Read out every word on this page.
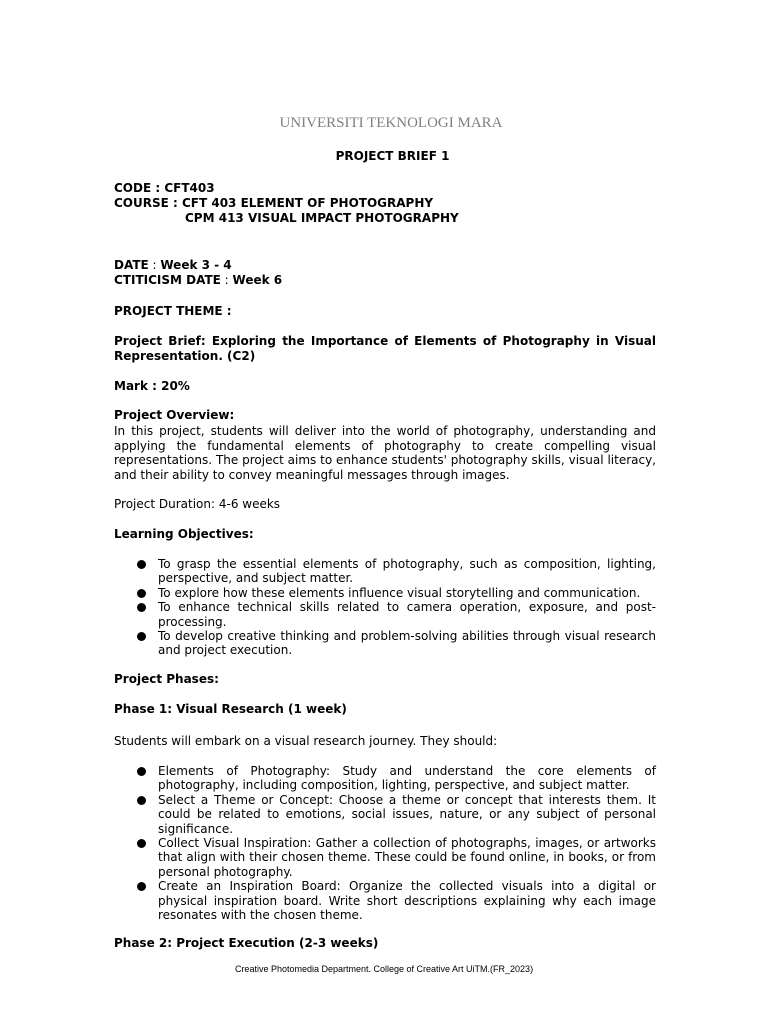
UNIVERSITI TEKNOLOGI MARA
PROJECT BRIEF 1
CODE : CFT403
COURSE : CFT 403 ELEMENT OF PHOTOGRAPHY
CPM 413 VISUAL IMPACT PHOTOGRAPHY
DATE : Week 3 - 4
CTITICISM DATE : Week 6
PROJECT THEME :
Project Brief: Exploring the Importance of Elements of Photography in Visual Representation. (C2)
Mark : 20%
Project Overview:
In this project, students will deliver into the world of photography, understanding and applying the fundamental elements of photography to create compelling visual representations. The project aims to enhance students' photography skills, visual literacy, and their ability to convey meaningful messages through images.
Project Duration: 4-6 weeks
Learning Objectives:
To grasp the essential elements of photography, such as composition, lighting, perspective, and subject matter.
To explore how these elements influence visual storytelling and communication.
To enhance technical skills related to camera operation, exposure, and post-processing.
To develop creative thinking and problem-solving abilities through visual research and project execution.
Project Phases:
Phase 1: Visual Research (1 week)
Students will embark on a visual research journey. They should:
Elements of Photography: Study and understand the core elements of photography, including composition, lighting, perspective, and subject matter.
Select a Theme or Concept: Choose a theme or concept that interests them. It could be related to emotions, social issues, nature, or any subject of personal significance.
Collect Visual Inspiration: Gather a collection of photographs, images, or artworks that align with their chosen theme. These could be found online, in books, or from personal photography.
Create an Inspiration Board: Organize the collected visuals into a digital or physical inspiration board. Write short descriptions explaining why each image resonates with the chosen theme.
Phase 2: Project Execution (2-3 weeks)
Creative Photomedia Department. College of Creative Art UiTM.(FR_2023)
